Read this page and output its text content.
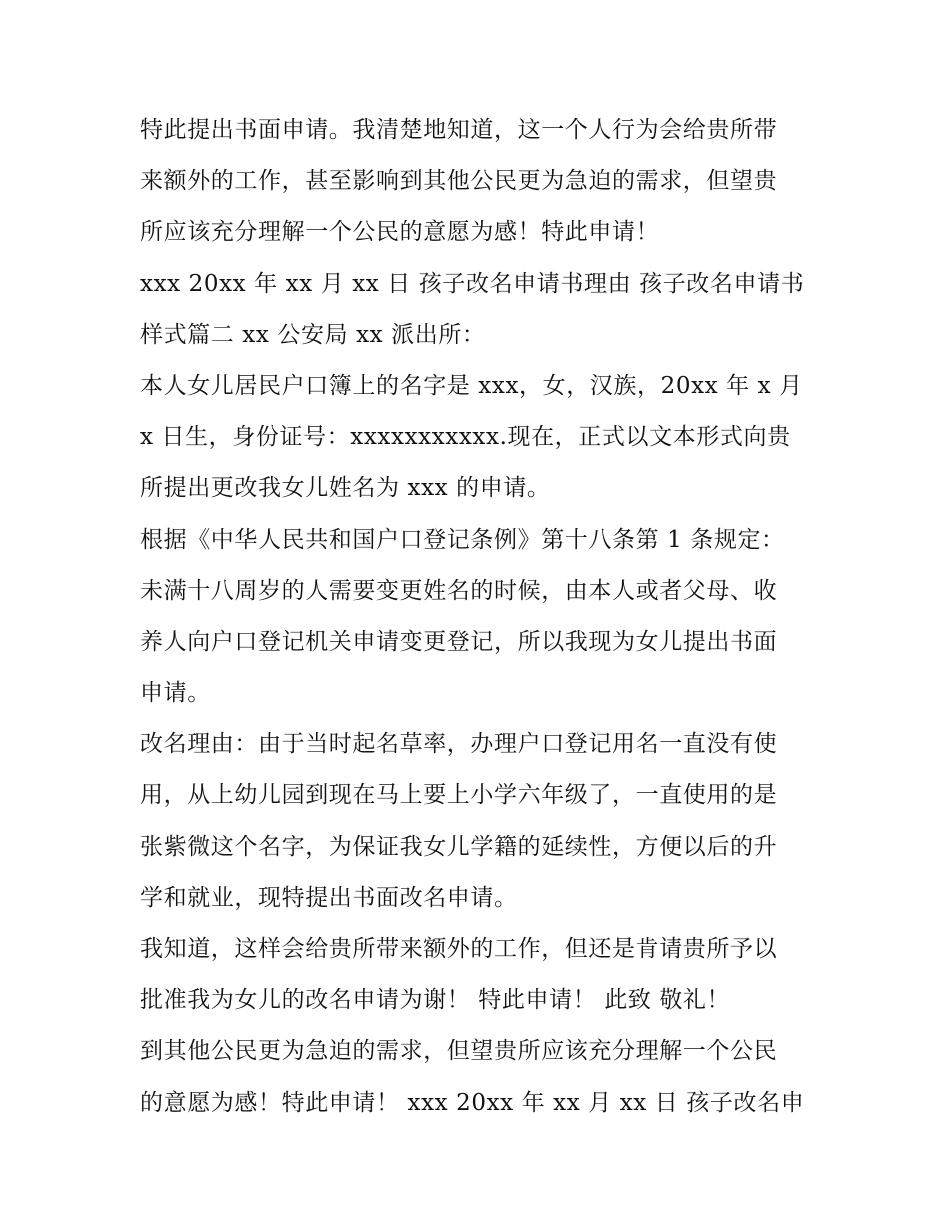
特此提出书面申请。我清楚地知道，这一个人行为会给贵所带
来额外的工作，甚至影响到其他公民更为急迫的需求，但望贵
所应该充分理解一个公民的意愿为感！特此申请！
xxx 20xx 年 xx 月 xx 日 孩子改名申请书理由 孩子改名申请书
样式篇二 xx 公安局 xx 派出所：
本人女儿居民户口簿上的名字是 xxx，女，汉族，20xx 年 x 月
x 日生，身份证号：xxxxxxxxxxx.现在，正式以文本形式向贵
所提出更改我女儿姓名为 xxx 的申请。
根据《中华人民共和国户口登记条例》第十八条第 1 条规定：
未满十八周岁的人需要变更姓名的时候，由本人或者父母、收
养人向户口登记机关申请变更登记，所以我现为女儿提出书面
申请。
改名理由：由于当时起名草率，办理户口登记用名一直没有使
用，从上幼儿园到现在马上要上小学六年级了，一直使用的是
张紫微这个名字，为保证我女儿学籍的延续性，方便以后的升
学和就业，现特提出书面改名申请。
我知道，这样会给贵所带来额外的工作，但还是肯请贵所予以
批准我为女儿的改名申请为谢！ 特此申请！ 此致 敬礼！
到其他公民更为急迫的需求，但望贵所应该充分理解一个公民
的意愿为感！特此申请！ xxx 20xx 年 xx 月 xx 日 孩子改名申
